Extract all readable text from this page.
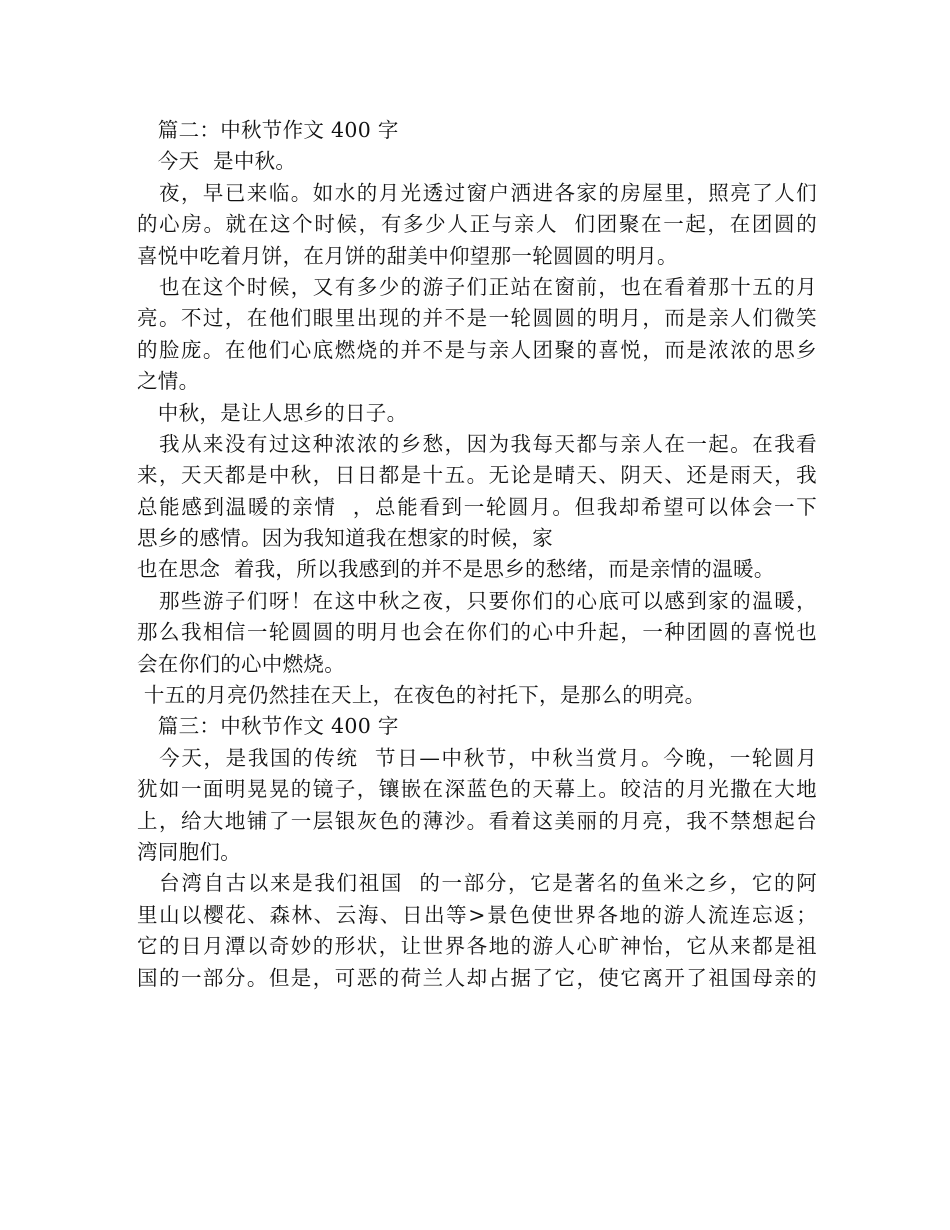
　篇二：中秋节作文 400 字
　今天  是中秋。
　夜，早已来临。如水的月光透过窗户洒进各家的房屋里，照亮了人们
的心房。就在这个时候，有多少人正与亲人  们团聚在一起，在团圆的
喜悦中吃着月饼，在月饼的甜美中仰望那一轮圆圆的明月。
　也在这个时候，又有多少的游子们正站在窗前，也在看着那十五的月
亮。不过，在他们眼里出现的并不是一轮圆圆的明月，而是亲人们微笑
的脸庞。在他们心底燃烧的并不是与亲人团聚的喜悦，而是浓浓的思乡
之情。
　中秋，是让人思乡的日子。
　我从来没有过这种浓浓的乡愁，因为我每天都与亲人在一起。在我看
来，天天都是中秋，日日都是十五。无论是晴天、阴天、还是雨天，我
总能感到温暖的亲情  ，总能看到一轮圆月。但我却希望可以体会一下
思乡的感情。因为我知道我在想家的时候，家
也在思念  着我，所以我感到的并不是思乡的愁绪，而是亲情的温暖。
　那些游子们呀！在这中秋之夜，只要你们的心底可以感到家的温暖，
那么我相信一轮圆圆的明月也会在你们的心中升起，一种团圆的喜悦也
会在你们的心中燃烧。
十五的月亮仍然挂在天上，在夜色的衬托下，是那么的明亮。
　篇三：中秋节作文 400 字
　今天，是我国的传统  节日—中秋节，中秋当赏月。今晚，一轮圆月
犹如一面明晃晃的镜子，镶嵌在深蓝色的天幕上。皎洁的月光撒在大地
上，给大地铺了一层银灰色的薄沙。看着这美丽的月亮，我不禁想起台
湾同胞们。
　台湾自古以来是我们祖国  的一部分，它是著名的鱼米之乡，它的阿
里山以樱花、森林、云海、日出等>景色使世界各地的游人流连忘返；
它的日月潭以奇妙的形状，让世界各地的游人心旷神怡，它从来都是祖
国的一部分。但是，可恶的荷兰人却占据了它，使它离开了祖国母亲的
